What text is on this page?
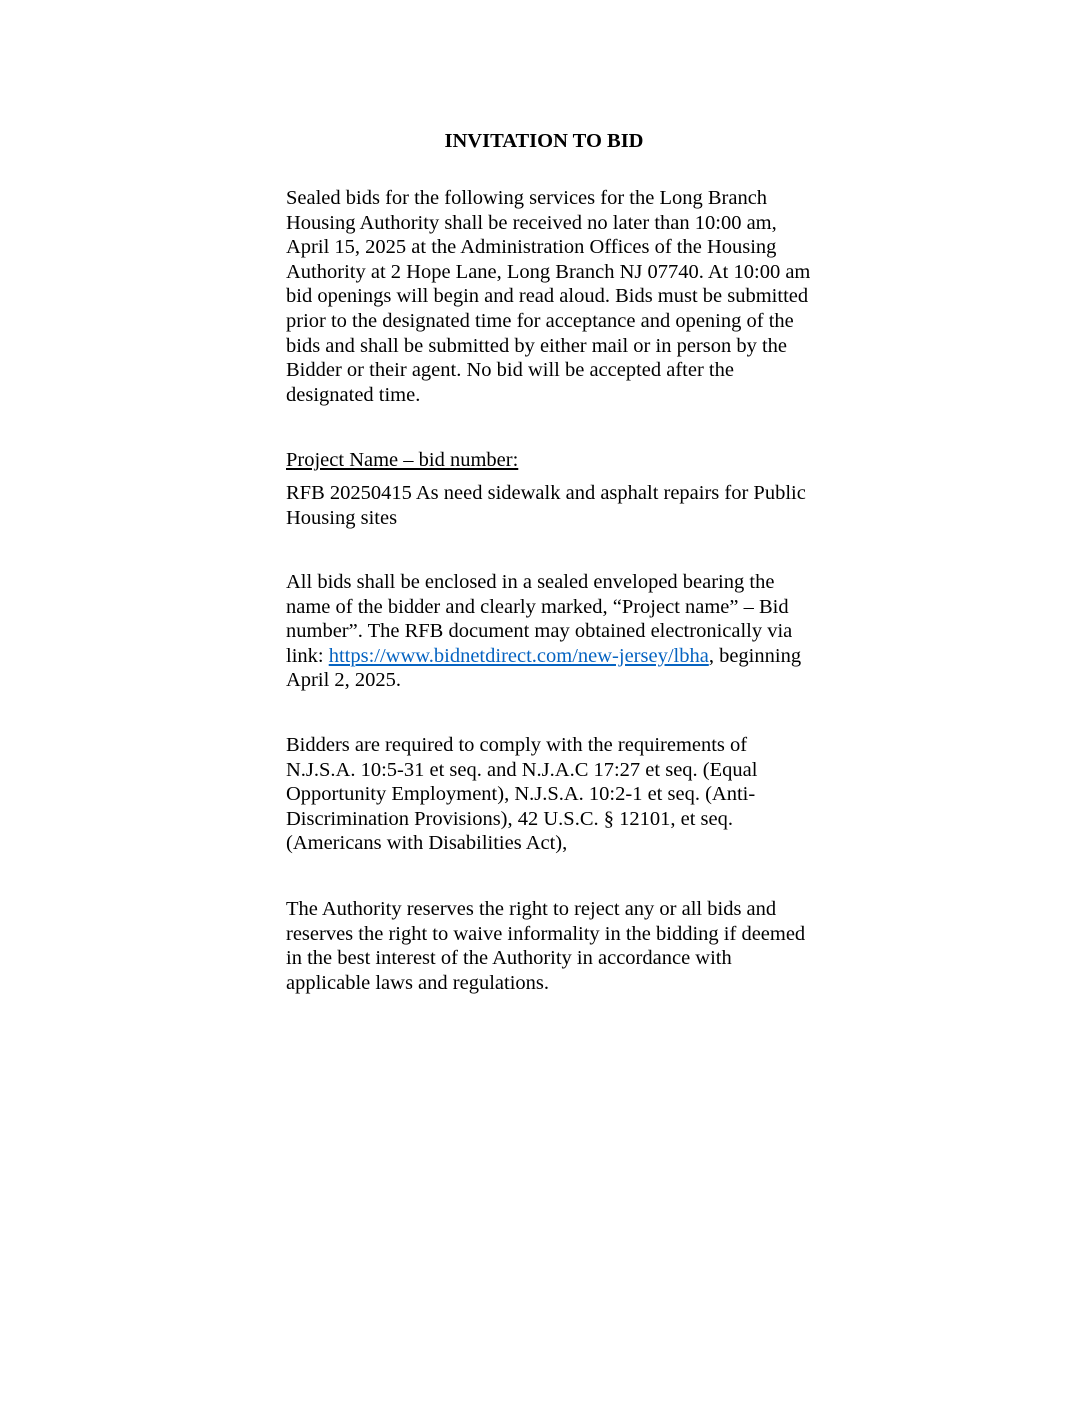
INVITATION TO BID

Sealed bids for the following services for the Long Branch Housing Authority shall be received no later than 10:00 am, April 15, 2025 at the Administration Offices of the Housing Authority at 2 Hope Lane, Long Branch NJ 07740. At 10:00 am bid openings will begin and read aloud. Bids must be submitted prior to the designated time for acceptance and opening of the bids and shall be submitted by either mail or in person by the Bidder or their agent. No bid will be accepted after the designated time.

Project Name – bid number:

RFB 20250415 As need sidewalk and asphalt repairs for Public Housing sites

All bids shall be enclosed in a sealed enveloped bearing the name of the bidder and clearly marked, “Project name” – Bid number”. The RFB document may obtained electronically via link: https://www.bidnetdirect.com/new-jersey/lbha, beginning April 2, 2025.

Bidders are required to comply with the requirements of N.J.S.A. 10:5-31 et seq. and N.J.A.C 17:27 et seq. (Equal Opportunity Employment), N.J.S.A. 10:2-1 et seq. (Anti-Discrimination Provisions), 42 U.S.C. § 12101, et seq. (Americans with Disabilities Act),

The Authority reserves the right to reject any or all bids and reserves the right to waive informality in the bidding if deemed in the best interest of the Authority in accordance with applicable laws and regulations.
